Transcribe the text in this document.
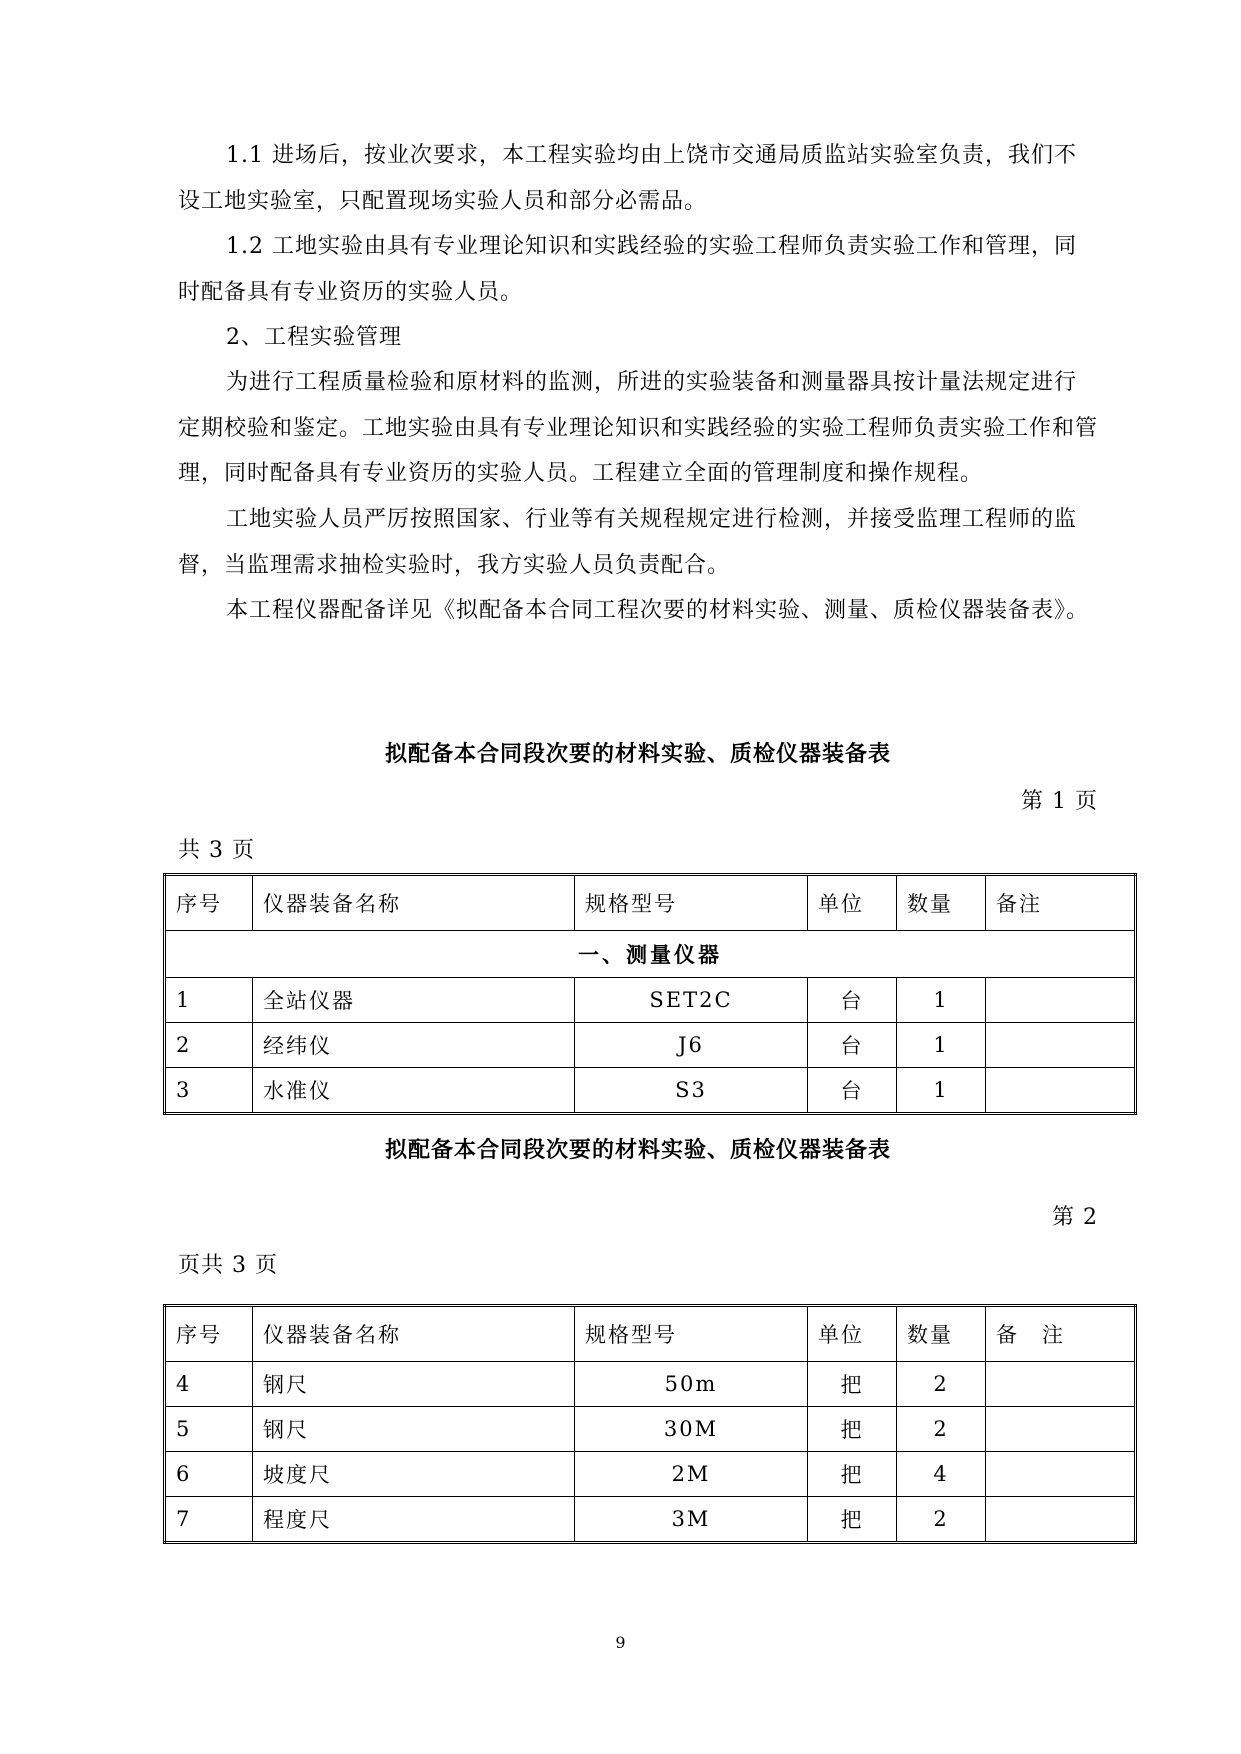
1.1 进场后，按业次要求，本工程实验均由上饶市交通局质监站实验室负责，我们不设工地实验室，只配置现场实验人员和部分必需品。

1.2 工地实验由具有专业理论知识和实践经验的实验工程师负责实验工作和管理，同时配备具有专业资历的实验人员。

2、工程实验管理

为进行工程质量检验和原材料的监测，所进的实验装备和测量器具按计量法规定进行定期校验和鉴定。工地实验由具有专业理论知识和实践经验的实验工程师负责实验工作和管理，同时配备具有专业资历的实验人员。工程建立全面的管理制度和操作规程。

工地实验人员严厉按照国家、行业等有关规程规定进行检测，并接受监理工程师的监督，当监理需求抽检实验时，我方实验人员负责配合。

本工程仪器配备详见《拟配备本合同工程次要的材料实验、测量、质检仪器装备表》。

拟配备本合同段次要的材料实验、质检仪器装备表
第 1 页
共 3 页
序号	仪器装备名称	规格型号	单位	数量	备注
一、测量仪器					
1	全站仪器	SET2C	台	1	
2	经纬仪	J6	台	1	
3	水准仪	S3	台	1	
拟配备本合同段次要的材料实验、质检仪器装备表
第 2
页共 3 页
序号	仪器装备名称	规格型号	单位	数量	备　注
4	钢尺	50m	把	2	
5	钢尺	30M	把	2	
6	坡度尺	2M	把	4	
7	程度尺	3M	把	2	
9
